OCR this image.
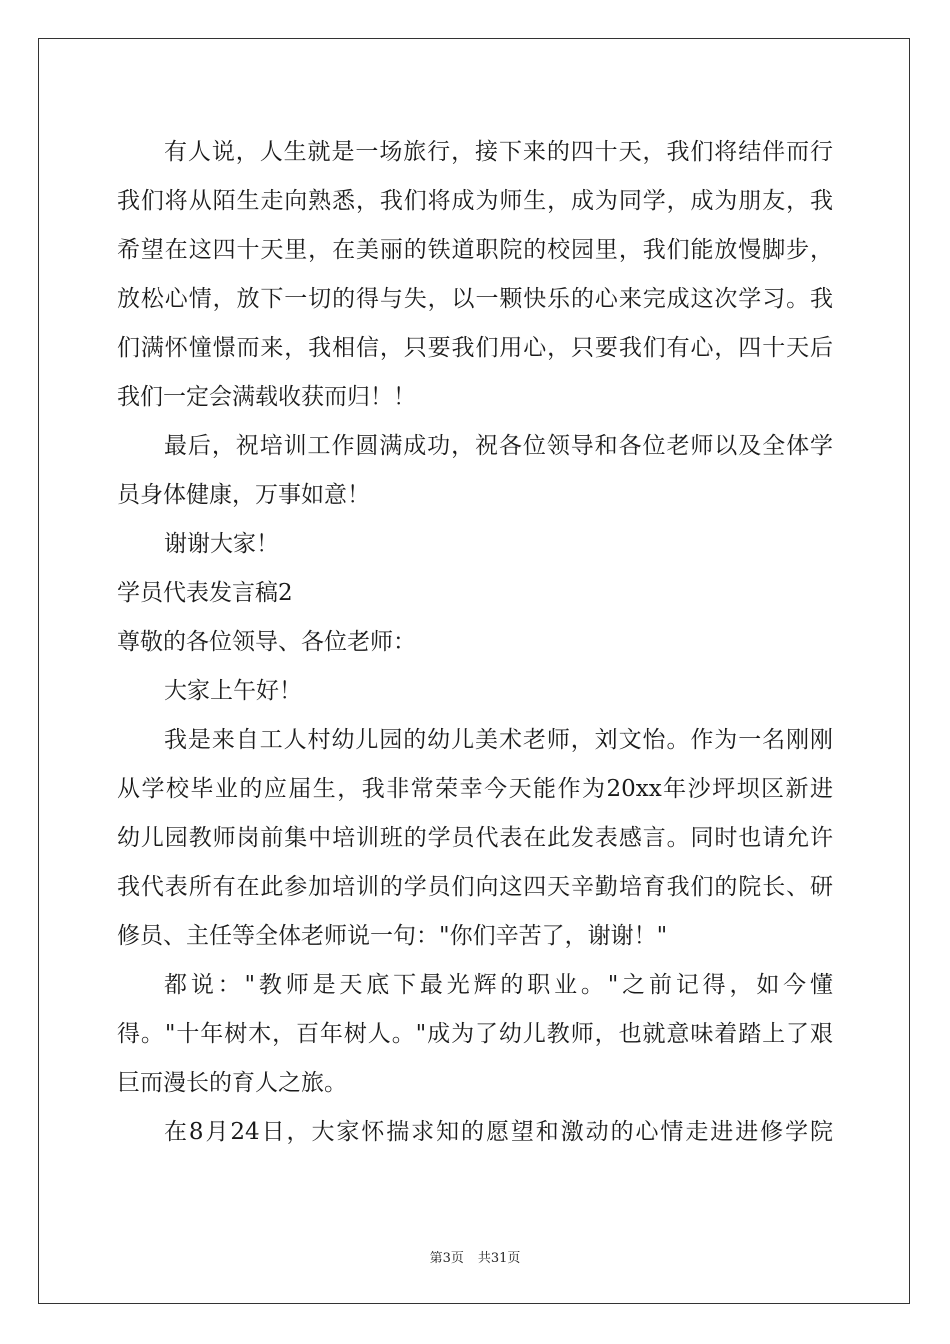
有人说，人生就是一场旅行，接下来的四十天，我们将结伴而行
我们将从陌生走向熟悉，我们将成为师生，成为同学，成为朋友，我
希望在这四十天里，在美丽的铁道职院的校园里，我们能放慢脚步，
放松心情，放下一切的得与失，以一颗快乐的心来完成这次学习。我
们满怀憧憬而来，我相信，只要我们用心，只要我们有心，四十天后
我们一定会满载收获而归！！
最后，祝培训工作圆满成功，祝各位领导和各位老师以及全体学
员身体健康，万事如意！
谢谢大家！
学员代表发言稿2
尊敬的各位领导、各位老师：
大家上午好！
我是来自工人村幼儿园的幼儿美术老师，刘文怡。作为一名刚刚
从学校毕业的应届生，我非常荣幸今天能作为20xx年沙坪坝区新进
幼儿园教师岗前集中培训班的学员代表在此发表感言。同时也请允许
我代表所有在此参加培训的学员们向这四天辛勤培育我们的院长、研
修员、主任等全体老师说一句："你们辛苦了，谢谢！"
都说："教师是天底下最光辉的职业。"之前记得，如今懂
得。"十年树木，百年树人。"成为了幼儿教师，也就意味着踏上了艰
巨而漫长的育人之旅。
在8月24日，大家怀揣求知的愿望和激动的心情走进进修学院
第3页 共31页
